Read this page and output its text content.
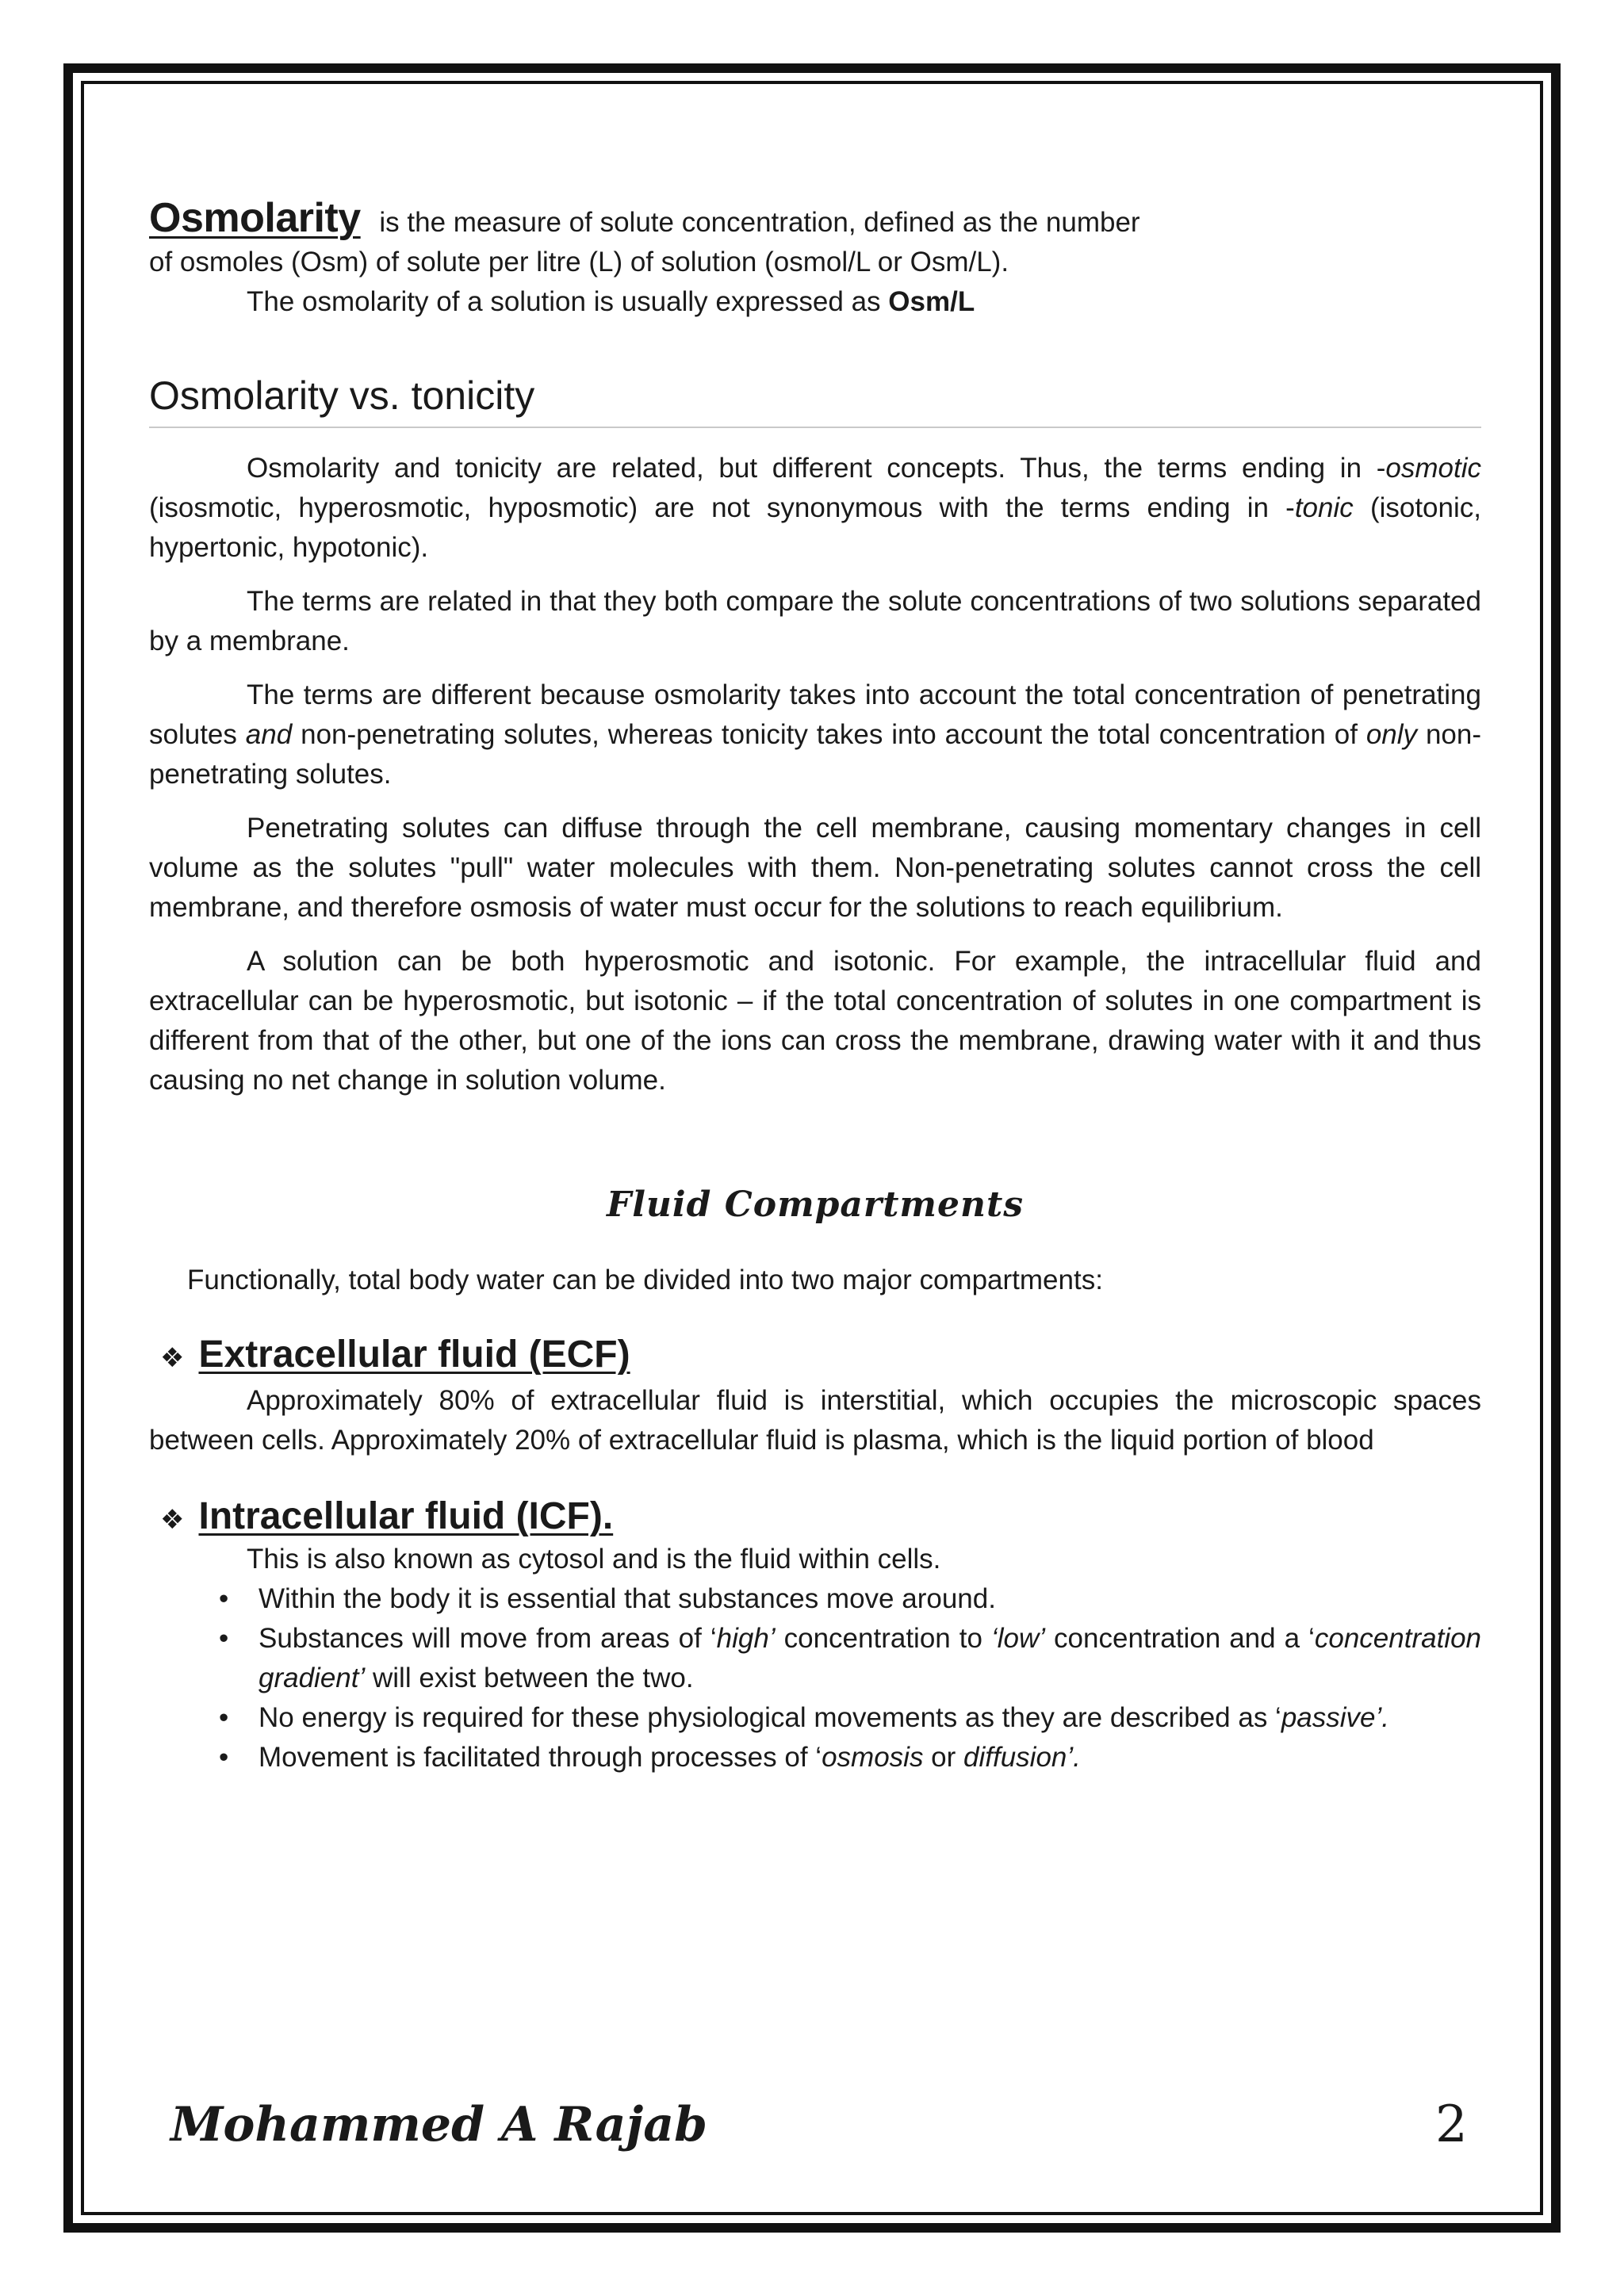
Osmolarity is the measure of solute concentration, defined as the number
of osmoles (Osm) of solute per litre (L) of solution (osmol/L or Osm/L).

The osmolarity of a solution is usually expressed as Osm/L

Osmolarity vs. tonicity

Osmolarity and tonicity are related, but different concepts. Thus, the terms ending in -osmotic (isosmotic, hyperosmotic, hyposmotic) are not synonymous with the terms ending in -tonic (isotonic, hypertonic, hypotonic).

The terms are related in that they both compare the solute concentrations of two solutions separated by a membrane.

The terms are different because osmolarity takes into account the total concentration of penetrating solutes and non-penetrating solutes, whereas tonicity takes into account the total concentration of only non-penetrating solutes.

Penetrating solutes can diffuse through the cell membrane, causing momentary changes in cell volume as the solutes "pull" water molecules with them. Non-penetrating solutes cannot cross the cell membrane, and therefore osmosis of water must occur for the solutions to reach equilibrium.

A solution can be both hyperosmotic and isotonic. For example, the intracellular fluid and extracellular can be hyperosmotic, but isotonic – if the total concentration of solutes in one compartment is different from that of the other, but one of the ions can cross the membrane, drawing water with it and thus causing no net change in solution volume.

Fluid Compartments

Functionally, total body water can be divided into two major compartments:

❖ Extracellular fluid (ECF)

Approximately 80% of extracellular fluid is interstitial, which occupies the microscopic spaces between cells. Approximately 20% of extracellular fluid is plasma, which is the liquid portion of blood

❖ Intracellular fluid (ICF).

This is also known as cytosol and is the fluid within cells.

• Within the body it is essential that substances move around.
• Substances will move from areas of ‘high’ concentration to ‘low’ concentration and a ‘concentration gradient’ will exist between the two.
• No energy is required for these physiological movements as they are described as ‘passive’.
• Movement is facilitated through processes of ‘osmosis or diffusion’.
Mohammed A Rajab	2
